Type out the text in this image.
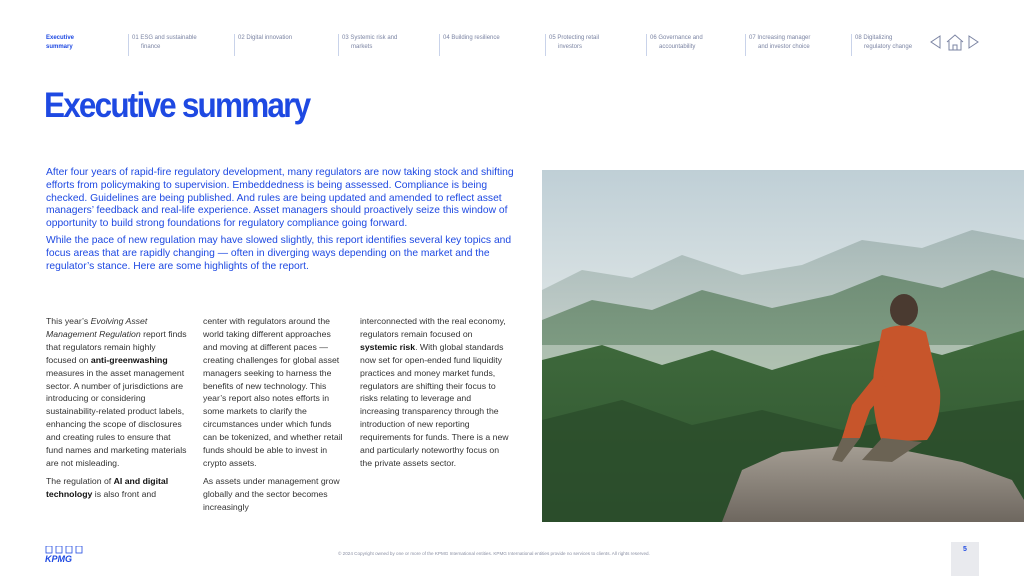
Executive
summary
01 ESG and sustainable
finance
02 Digital innovation	03 Systemic risk and
markets
04 Building resilience	05 Protecting retail
investors
06 Governance and
accountability
07 Increasing manager
and investor choice
08 Digitalizing
regulatory change
Executive summary

After four years of rapid-fire regulatory development, many regulators are now taking stock and shifting efforts from policymaking to supervision. Embeddedness is being assessed. Compliance is being checked. Guidelines are being published. And rules are being updated and amended to reflect asset managers’ feedback and real-life experience. Asset managers should proactively seize this window of opportunity to build strong foundations for regulatory compliance going forward.

While the pace of new regulation may have slowed slightly, this report identifies several key topics and focus areas that are rapidly changing — often in diverging ways depending on the market and the regulator’s stance. Here are some highlights of the report.

This year’s Evolving Asset Management Regulation report finds that regulators remain highly focused on anti-greenwashing measures in the asset management sector. A number of jurisdictions are introducing or considering sustainability-related product labels, enhancing the scope of disclosures and creating rules to ensure that fund names and marketing materials are not misleading.

The regulation of AI and digital technology is also front and

center with regulators around the world taking different approaches and moving at different paces — creating challenges for global asset managers seeking to harness the benefits of new technology. This year’s report also notes efforts in some markets to clarify the circumstances under which funds can be tokenized, and whether retail funds should be able to invest in crypto assets.

As assets under management grow globally and the sector becomes increasingly

interconnected with the real economy, regulators remain focused on systemic risk. With global standards now set for open-ended fund liquidity practices and money market funds, regulators are shifting their focus to risks relating to leverage and increasing transparency through the introduction of new reporting requirements for funds. There is a new and particularly noteworthy focus on the private assets sector.

KPMG
© 2024 Copyright owned by one or more of the KPMG International entities. KPMG International entities provide no services to clients. All rights reserved.
5
